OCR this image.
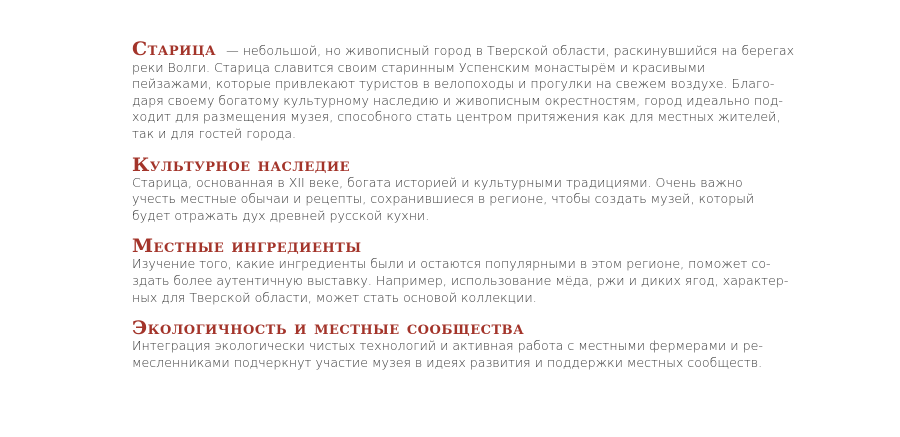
Старица — небольшой, но живописный город в Тверской области, раскинувшийся на берегах
реки Волги. Старица славится своим старинным Успенским монастырём и красивыми
пейзажами, которые привлекают туристов в велопоходы и прогулки на свежем воздухе. Благо-
даря своему богатому культурному наследию и живописным окрестностям, город идеально под-
ходит для размещения музея, способного стать центром притяжения как для местных жителей,
так и для гостей города.
Культурное наследие
Старица, основанная в XII веке, богата историей и культурными традициями. Очень важно
учесть местные обычаи и рецепты, сохранившиеся в регионе, чтобы создать музей, который
будет отражать дух древней русской кухни.
Местные ингредиенты
Изучение того, какие ингредиенты были и остаются популярными в этом регионе, поможет со-
здать более аутентичную выставку. Например, использование мёда, ржи и диких ягод, характер-
ных для Тверской области, может стать основой коллекции.
Экологичность и местные сообщества
Интеграция экологически чистых технологий и активная работа с местными фермерами и ре-
месленниками подчеркнут участие музея в идеях развития и поддержки местных сообществ.
